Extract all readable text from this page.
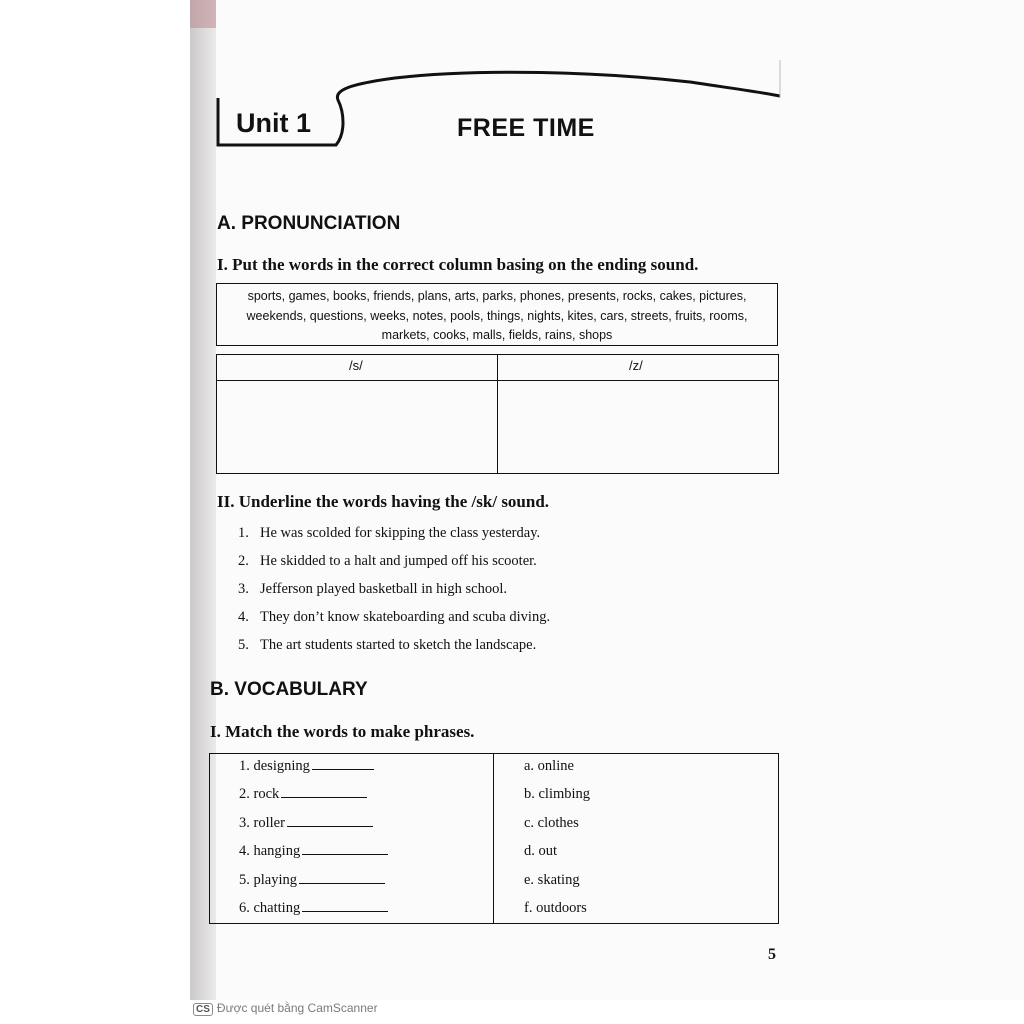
Unit 1	FREE TIME
A. PRONUNCIATION
I. Put the words in the correct column basing on the ending sound.
sports, games, books, friends, plans, arts, parks, phones, presents, rocks, cakes, pictures,
weekends, questions, weeks, notes, pools, things, nights, kites, cars, streets, fruits, rooms,
markets, cooks, malls, fields, rains, shops
/s/	/z/
II. Underline the words having the /sk/ sound.
1. He was scolded for skipping the class yesterday.
2. He skidded to a halt and jumped off his scooter.
3. Jefferson played basketball in high school.
4. They don’t know skateboarding and scuba diving.
5. The art students started to sketch the landscape.
B. VOCABULARY
I. Match the words to make phrases.
1. designing
2. rock
3. roller
4. hanging
5. playing
6. chatting
a. online
b. climbing
c. clothes
d. out
e. skating
f. outdoors
5
CS Được quét bằng CamScanner
